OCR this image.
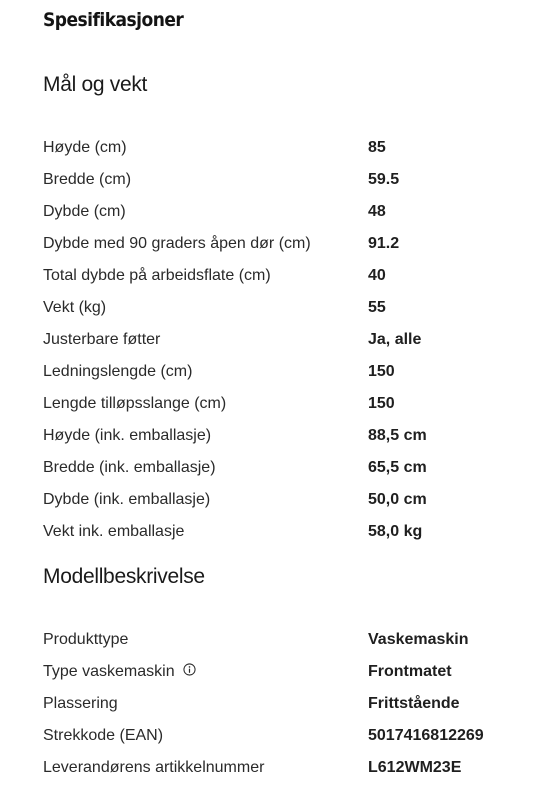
Spesifikasjoner
Mål og vekt
Høyde (cm)	85
Bredde (cm)	59.5
Dybde (cm)	48
Dybde med 90 graders åpen dør (cm)	91.2
Total dybde på arbeidsflate (cm)	40
Vekt (kg)	55
Justerbare føtter	Ja, alle
Ledningslengde (cm)	150
Lengde tilløpsslange (cm)	150
Høyde (ink. emballasje)	88,5 cm
Bredde (ink. emballasje)	65,5 cm
Dybde (ink. emballasje)	50,0 cm
Vekt ink. emballasje	58,0 kg
Modellbeskrivelse
Produkttype	Vaskemaskin
Type vaskemaskin	Frontmatet
Plassering	Frittstående
Strekkode (EAN)	5017416812269
Leverandørens artikkelnummer	L612WM23E
